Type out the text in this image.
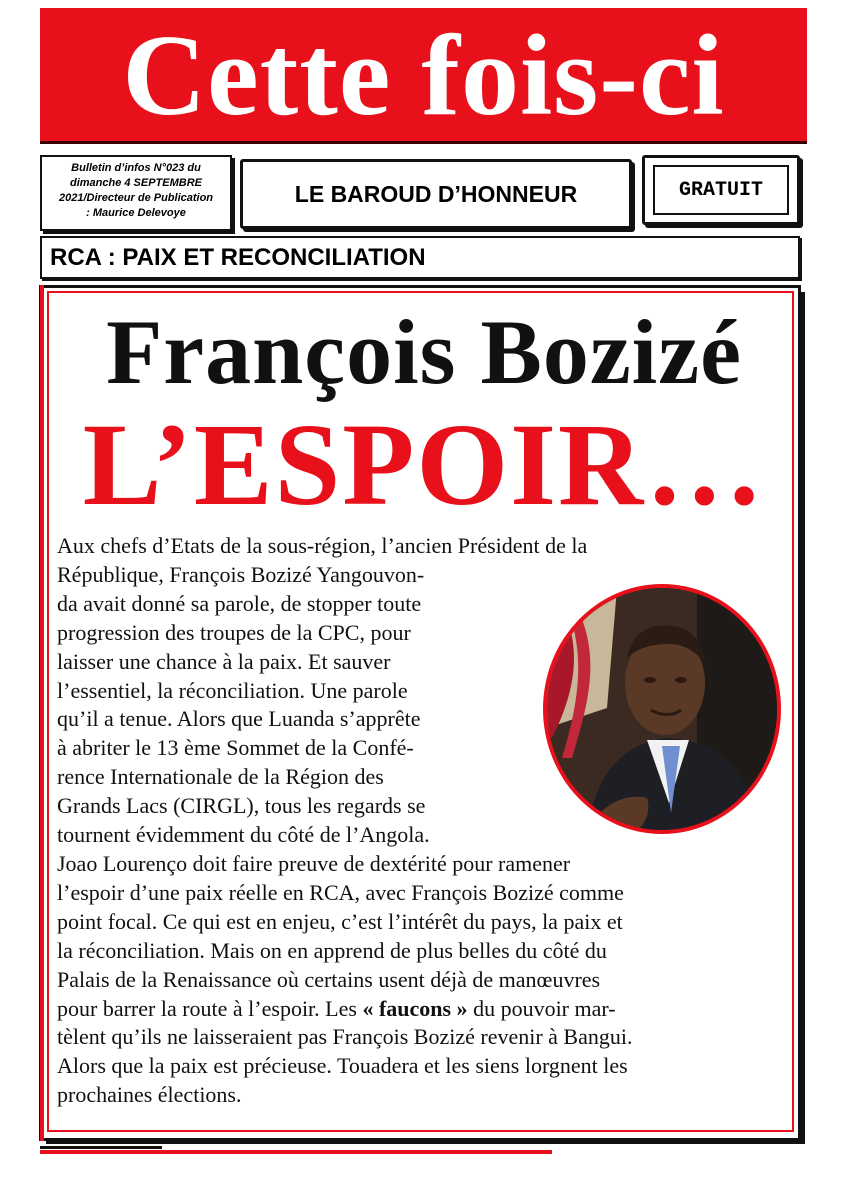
Cette fois-ci
Bulletin d’infos N°023 du
dimanche 4 SEPTEMBRE
2021/Directeur de Publication
: Maurice Delevoye
LE BAROUD D’HONNEUR	GRATUIT
RCA : PAIX ET RECONCILIATION
François Bozizé
L’ESPOIR…
Aux chefs d’Etats de la sous-région, l’ancien Président de la
République, François Bozizé Yangouvon-
da avait donné sa parole, de stopper toute
progression des troupes de la CPC, pour
laisser une chance à la paix. Et sauver
l’essentiel, la réconciliation. Une parole
qu’il a tenue. Alors que Luanda s’apprête
à abriter le 13 ème Sommet de la Confé-
rence Internationale de la Région des
Grands Lacs (CIRGL), tous les regards se
tournent évidemment du côté de l’Angola.
Joao Lourenço doit faire preuve de dextérité pour ramener
l’espoir d’une paix réelle en RCA, avec François Bozizé comme
point focal. Ce qui est en enjeu, c’est l’intérêt du pays, la paix et
la réconciliation. Mais on en apprend de plus belles du côté du
Palais de la Renaissance où certains usent déjà de manœuvres
pour barrer la route à l’espoir. Les « faucons » du pouvoir mar-
tèlent qu’ils ne laisseraient pas François Bozizé revenir à Bangui.
Alors que la paix est précieuse. Touadera et les siens lorgnent les
prochaines élections.
